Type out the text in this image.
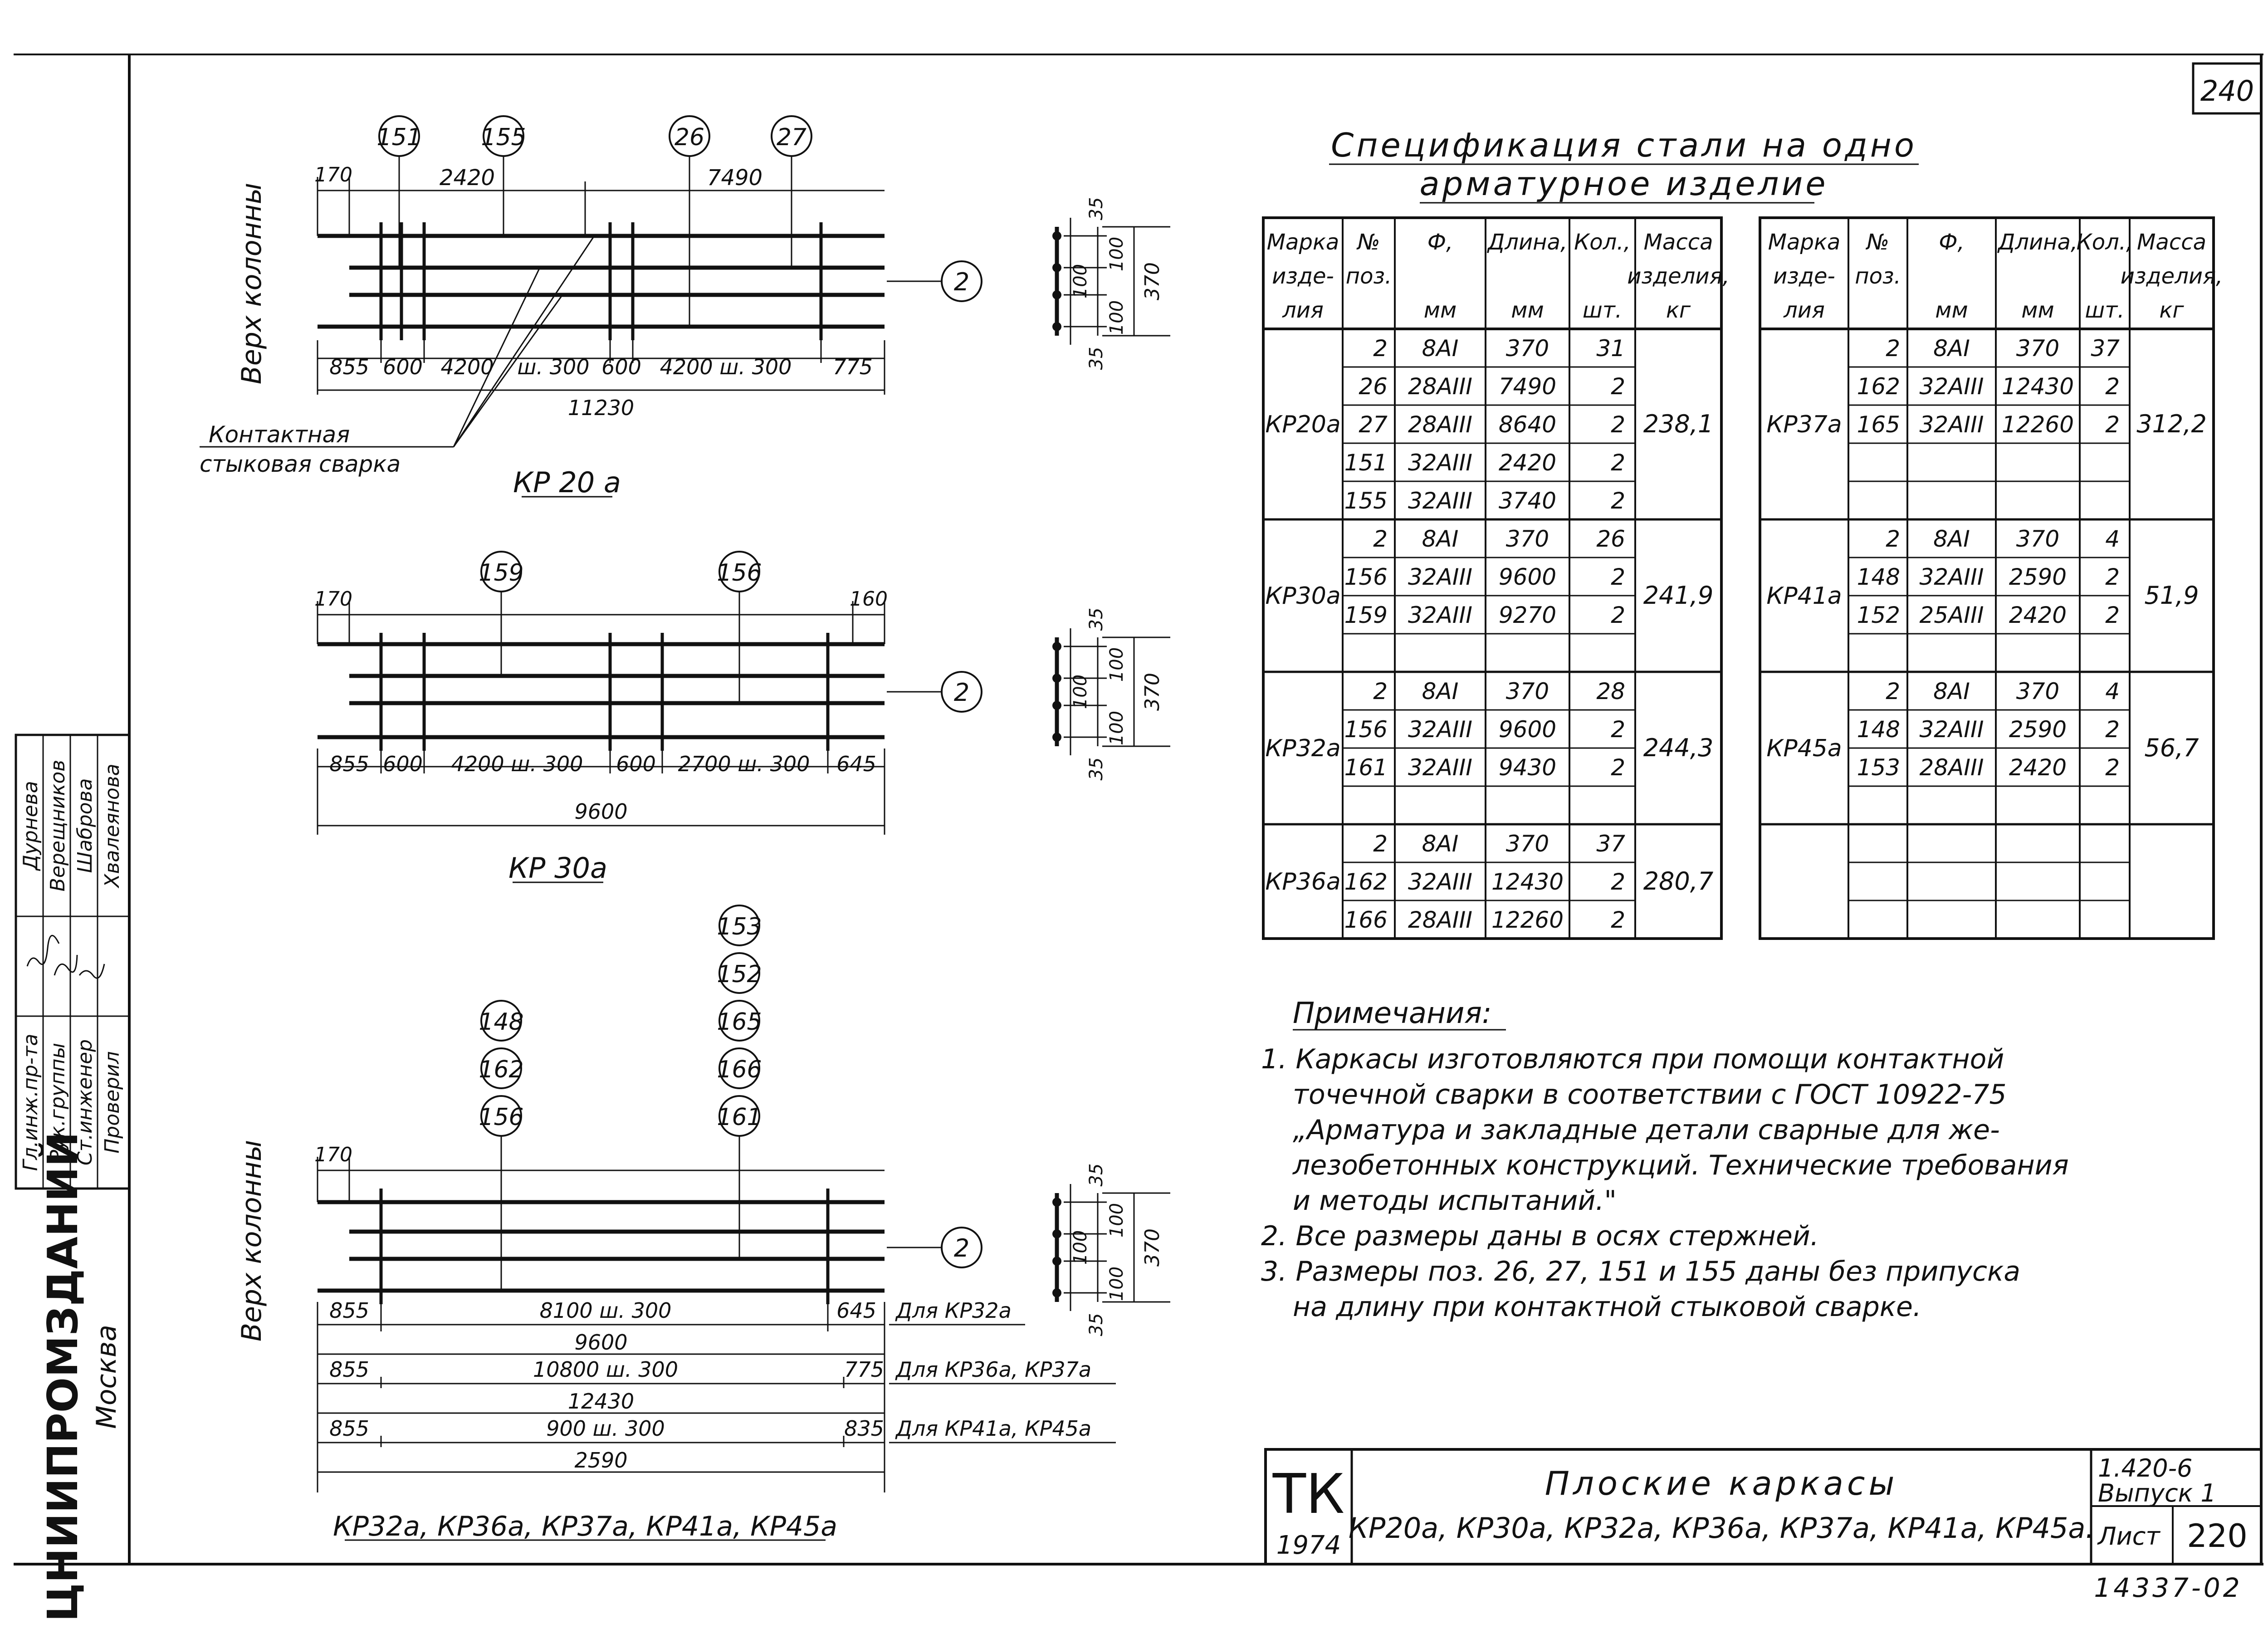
240
14337-02
Верх колонны
151	155	26	27
170	2420	7490
855 600 4200 ш. 300 600 4200 ш. 300 775
11230
Контактная
стыковая сварка
КР 20 а
2
159	156
170	160
855 600 4200 ш. 300 600 2700 ш. 300 645
9600
КР 30а
2
Верх колонны 170
148
162
156
153
152
165
166
161
855	8100 ш. 300	645 Для КР32а
9600
855	10800 ш. 300	775 Для КР36а, КР37а
12430
855	900 ш. 300	835 Для КР41а, КР45а
2590
КР32а, КР36а, КР37а, КР41а, КР45а
2
35
100
100
100
35
370
35
100
100
100
35
370
35
100
100
100
35
370
Спецификация стали на одно
арматурное изделие
Марка
изде-
лия
№
поз.
Ф,
мм
Длина,
мм
Кол.,
шт.
Масса
изделия,
кг
КР20а	238,1
2 8АI 370 31
26 28АIII 7490 2
27 28АIII 8640 2
151 32АIII 2420 2
155 32АIII 3740 2
КР30а	241,9
2 8АI 370 26
156 32АIII 9600 2
159 32АIII 9270 2
КР32а	244,3
2 8АI 370 28
156 32АIII 9600 2
161 32АIII 9430 2
КР36а	280,7
2 8АI 370 37
162 32АIII 12430 2
166 28АIII 12260 2
Марка
изде-
лия
№
поз.
Ф,
мм
Длина,
мм
Кол.,
шт.
Масса
изделия,
кг
КР37а	312,2
2 8АI 370 37
162 32АIII 12430 2
165 32АIII 12260 2
КР41а	51,9
2 8АI 370 4
148 32АIII 2590 2
152 25АIII 2420 2
КР45а	56,7
2 8АI 370 4
148 32АIII 2590 2
153 28АIII 2420 2
Примечания:
1. Каркасы изготовляются при помощи контактной
точечной сварки в соответствии с ГОСТ 10922-75
„Арматура и закладные детали сварные для же-
лезобетонных конструкций. Технические требования
и методы испытаний."
2. Все размеры даны в осях стержней.
3. Размеры поз. 26, 27, 151 и 155 даны без припуска
на длину при контактной стыковой сварке.
Гл.инж.пр-та Рук.группы Ст.инженер Проверил
Дурнева Верещников Шаброва Хвалеянова
ЦНИИПРОМЗДАНИЙ Москва
ТК
1974
Плоские каркасы
КР20а, КР30а, КР32а, КР36а, КР37а, КР41а, КР45а.
1.420-6
Выпуск 1
Лист 220
